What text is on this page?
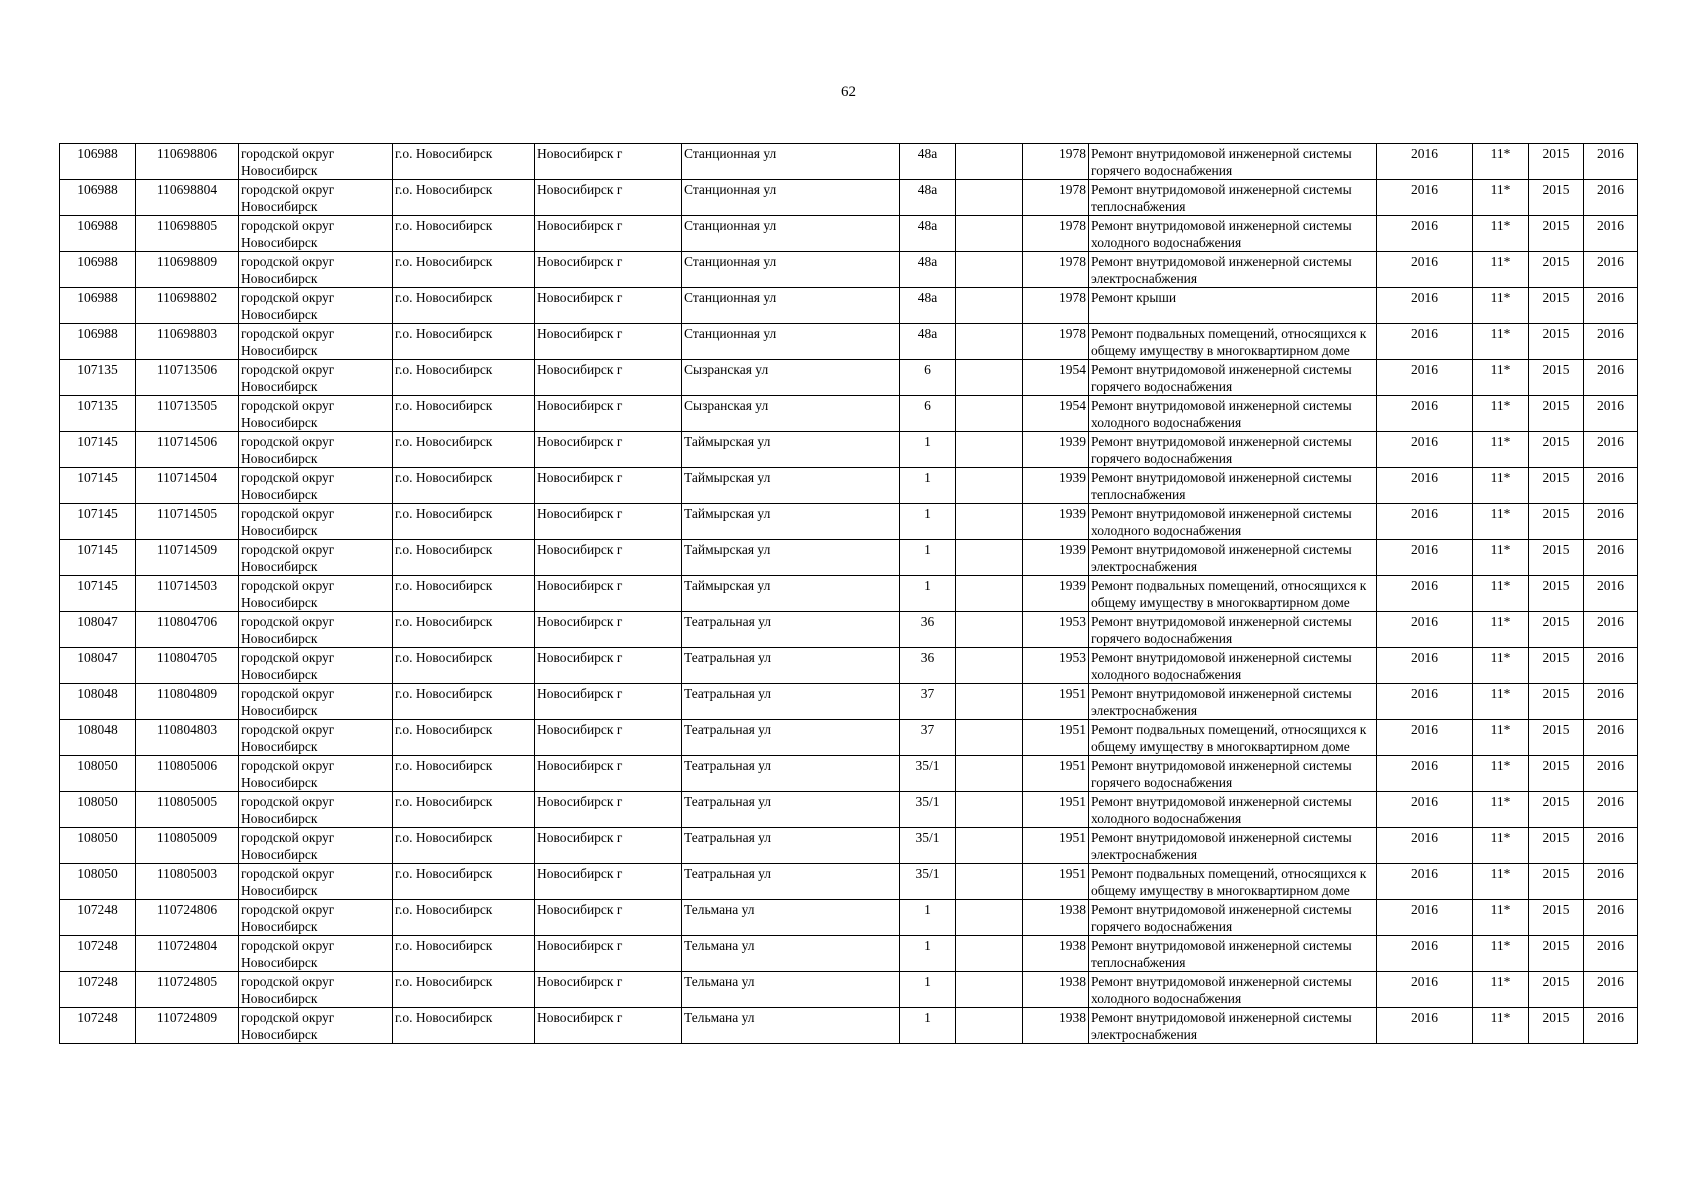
62
106988	110698806	городской округ Новосибирск	г.о. Новосибирск	Новосибирск г	Станционная ул	48а		1978	Ремонт внутридомовой инженерной системы горячего водоснабжения	2016	11*	2015	2016
106988	110698804	городской округ Новосибирск	г.о. Новосибирск	Новосибирск г	Станционная ул	48а		1978	Ремонт внутридомовой инженерной системы теплоснабжения	2016	11*	2015	2016
106988	110698805	городской округ Новосибирск	г.о. Новосибирск	Новосибирск г	Станционная ул	48а		1978	Ремонт внутридомовой инженерной системы холодного водоснабжения	2016	11*	2015	2016
106988	110698809	городской округ Новосибирск	г.о. Новосибирск	Новосибирск г	Станционная ул	48а		1978	Ремонт внутридомовой инженерной системы электроснабжения	2016	11*	2015	2016
106988	110698802	городской округ Новосибирск	г.о. Новосибирск	Новосибирск г	Станционная ул	48а		1978	Ремонт крыши	2016	11*	2015	2016
106988	110698803	городской округ Новосибирск	г.о. Новосибирск	Новосибирск г	Станционная ул	48а		1978	Ремонт подвальных помещений, относящихся к общему имуществу в многоквартирном доме	2016	11*	2015	2016
107135	110713506	городской округ Новосибирск	г.о. Новосибирск	Новосибирск г	Сызранская ул	6		1954	Ремонт внутридомовой инженерной системы горячего водоснабжения	2016	11*	2015	2016
107135	110713505	городской округ Новосибирск	г.о. Новосибирск	Новосибирск г	Сызранская ул	6		1954	Ремонт внутридомовой инженерной системы холодного водоснабжения	2016	11*	2015	2016
107145	110714506	городской округ Новосибирск	г.о. Новосибирск	Новосибирск г	Таймырская ул	1		1939	Ремонт внутридомовой инженерной системы горячего водоснабжения	2016	11*	2015	2016
107145	110714504	городской округ Новосибирск	г.о. Новосибирск	Новосибирск г	Таймырская ул	1		1939	Ремонт внутридомовой инженерной системы теплоснабжения	2016	11*	2015	2016
107145	110714505	городской округ Новосибирск	г.о. Новосибирск	Новосибирск г	Таймырская ул	1		1939	Ремонт внутридомовой инженерной системы холодного водоснабжения	2016	11*	2015	2016
107145	110714509	городской округ Новосибирск	г.о. Новосибирск	Новосибирск г	Таймырская ул	1		1939	Ремонт внутридомовой инженерной системы электроснабжения	2016	11*	2015	2016
107145	110714503	городской округ Новосибирск	г.о. Новосибирск	Новосибирск г	Таймырская ул	1		1939	Ремонт подвальных помещений, относящихся к общему имуществу в многоквартирном доме	2016	11*	2015	2016
108047	110804706	городской округ Новосибирск	г.о. Новосибирск	Новосибирск г	Театральная ул	36		1953	Ремонт внутридомовой инженерной системы горячего водоснабжения	2016	11*	2015	2016
108047	110804705	городской округ Новосибирск	г.о. Новосибирск	Новосибирск г	Театральная ул	36		1953	Ремонт внутридомовой инженерной системы холодного водоснабжения	2016	11*	2015	2016
108048	110804809	городской округ Новосибирск	г.о. Новосибирск	Новосибирск г	Театральная ул	37		1951	Ремонт внутридомовой инженерной системы электроснабжения	2016	11*	2015	2016
108048	110804803	городской округ Новосибирск	г.о. Новосибирск	Новосибирск г	Театральная ул	37		1951	Ремонт подвальных помещений, относящихся к общему имуществу в многоквартирном доме	2016	11*	2015	2016
108050	110805006	городской округ Новосибирск	г.о. Новосибирск	Новосибирск г	Театральная ул	35/1		1951	Ремонт внутридомовой инженерной системы горячего водоснабжения	2016	11*	2015	2016
108050	110805005	городской округ Новосибирск	г.о. Новосибирск	Новосибирск г	Театральная ул	35/1		1951	Ремонт внутридомовой инженерной системы холодного водоснабжения	2016	11*	2015	2016
108050	110805009	городской округ Новосибирск	г.о. Новосибирск	Новосибирск г	Театральная ул	35/1		1951	Ремонт внутридомовой инженерной системы электроснабжения	2016	11*	2015	2016
108050	110805003	городской округ Новосибирск	г.о. Новосибирск	Новосибирск г	Театральная ул	35/1		1951	Ремонт подвальных помещений, относящихся к общему имуществу в многоквартирном доме	2016	11*	2015	2016
107248	110724806	городской округ Новосибирск	г.о. Новосибирск	Новосибирск г	Тельмана ул	1		1938	Ремонт внутридомовой инженерной системы горячего водоснабжения	2016	11*	2015	2016
107248	110724804	городской округ Новосибирск	г.о. Новосибирск	Новосибирск г	Тельмана ул	1		1938	Ремонт внутридомовой инженерной системы теплоснабжения	2016	11*	2015	2016
107248	110724805	городской округ Новосибирск	г.о. Новосибирск	Новосибирск г	Тельмана ул	1		1938	Ремонт внутридомовой инженерной системы холодного водоснабжения	2016	11*	2015	2016
107248	110724809	городской округ Новосибирск	г.о. Новосибирск	Новосибирск г	Тельмана ул	1		1938	Ремонт внутридомовой инженерной системы электроснабжения	2016	11*	2015	2016
